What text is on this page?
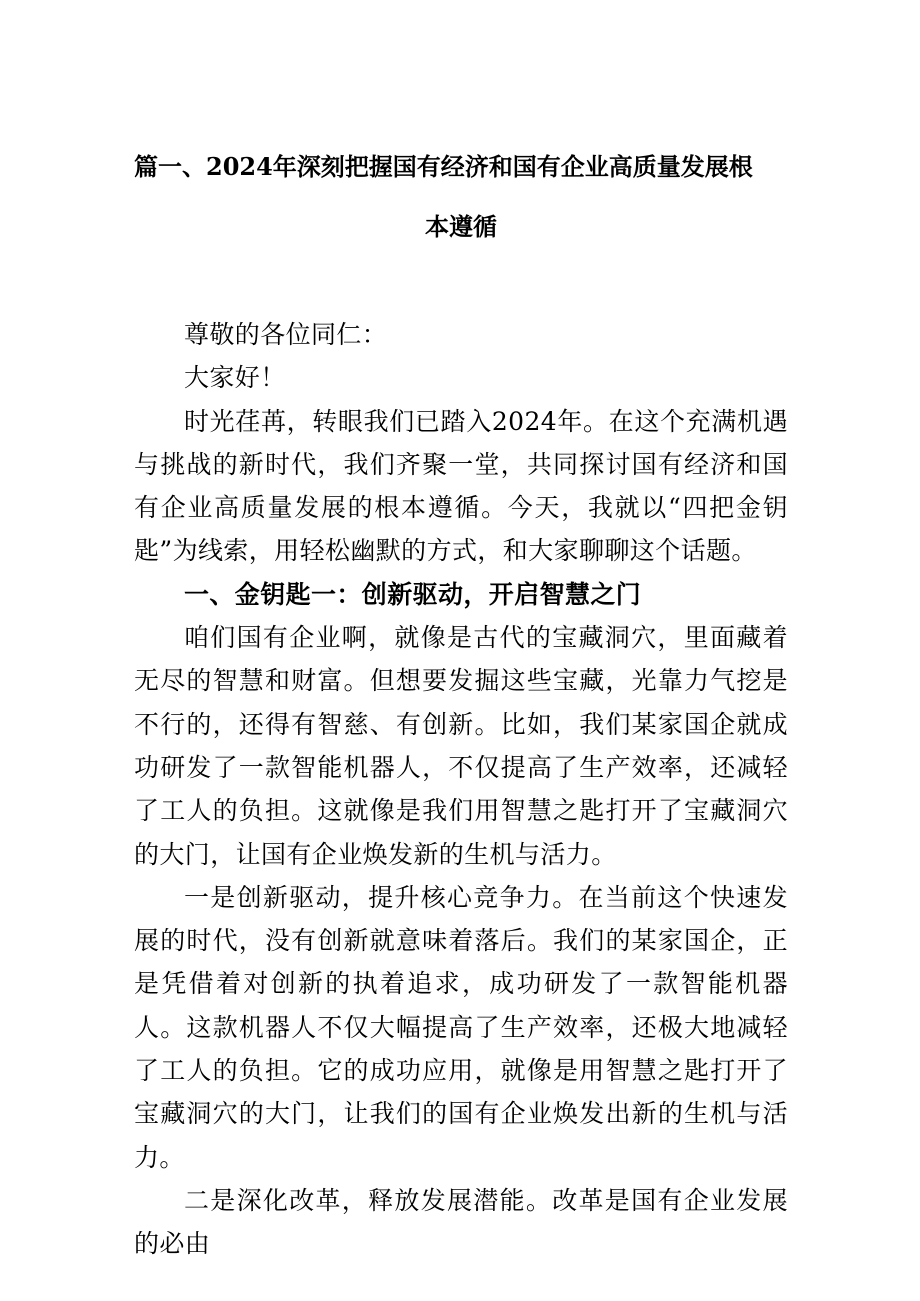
篇一、2024年深刻把握国有经济和国有企业高质量发展根
本遵循

尊敬的各位同仁：

大家好！

时光荏苒，转眼我们已踏入2024年。在这个充满机遇与挑战的新时代，我们齐聚一堂，共同探讨国有经济和国有企业高质量发展的根本遵循。今天，我就以“四把金钥匙”为线索，用轻松幽默的方式，和大家聊聊这个话题。

一、金钥匙一：创新驱动，开启智慧之门

咱们国有企业啊，就像是古代的宝藏洞穴，里面藏着无尽的智慧和财富。但想要发掘这些宝藏，光靠力气挖是不行的，还得有智慈、有创新。比如，我们某家国企就成功研发了一款智能机器人，不仅提高了生产效率，还减轻了工人的负担。这就像是我们用智慧之匙打开了宝藏洞穴的大门，让国有企业焕发新的生机与活力。

一是创新驱动，提升核心竞争力。在当前这个快速发展的时代，没有创新就意味着落后。我们的某家国企，正是凭借着对创新的执着追求，成功研发了一款智能机器人。这款机器人不仅大幅提高了生产效率，还极大地减轻了工人的负担。它的成功应用，就像是用智慧之匙打开了宝藏洞穴的大门，让我们的国有企业焕发出新的生机与活力。

二是深化改革，释放发展潜能。改革是国有企业发展的必由
